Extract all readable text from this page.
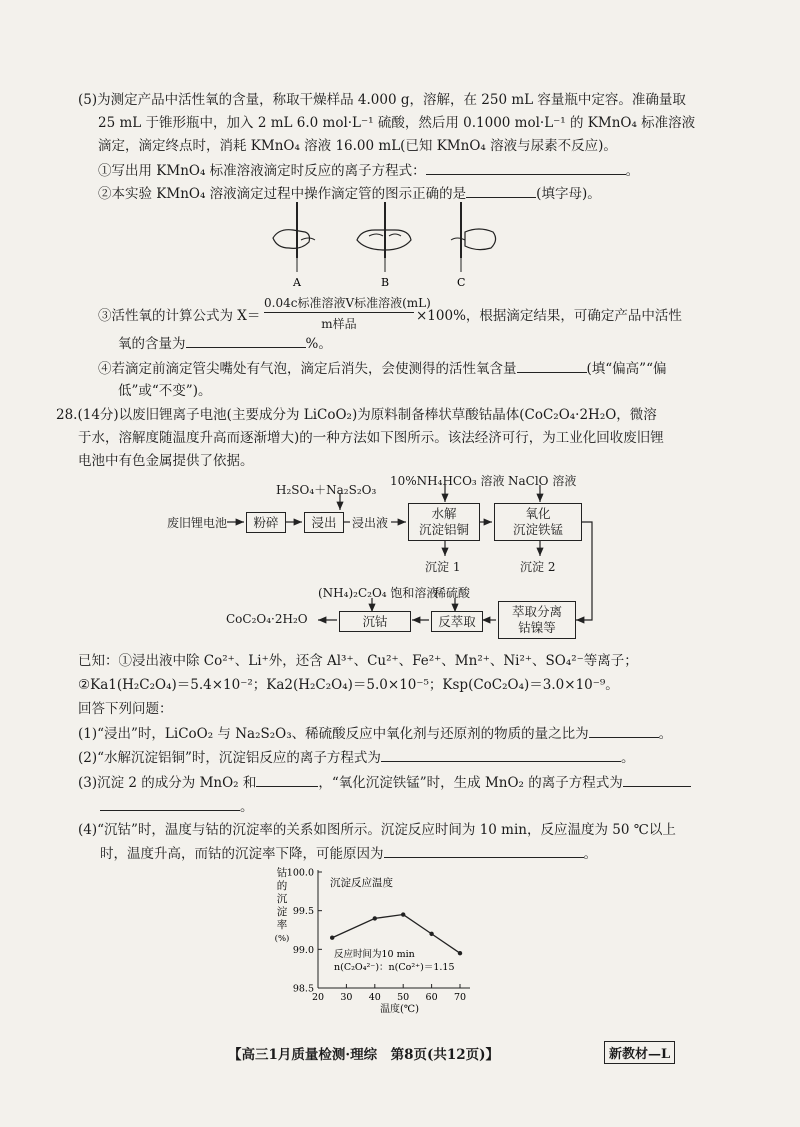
(5)为测定产品中活性氧的含量，称取干燥样品 4.000 g，溶解，在 250 mL 容量瓶中定容。准确量取
25 mL 于锥形瓶中，加入 2 mL 6.0 mol·L⁻¹ 硫酸，然后用 0.1000 mol·L⁻¹ 的 KMnO₄ 标准溶液
滴定，滴定终点时，消耗 KMnO₄ 溶液 16.00 mL(已知 KMnO₄ 溶液与尿素不反应)。
①写出用 KMnO₄ 标准溶液滴定时反应的离子方程式：	。
②本实验 KMnO₄ 溶液滴定过程中操作滴定管的图示正确的是	(填字母)。
A	B	C
③活性氧的计算公式为 X＝
0.04c标准溶液V标准溶液(mL)
m样品	×100%，根据滴定结果，可确定产品中活性
氧的含量为	%。
④若滴定前滴定管尖嘴处有气泡，滴定后消失，会使测得的活性氧含量	(填“偏高”“偏
低”或“不变”)。
28.(14分)以废旧锂离子电池(主要成分为 LiCoO₂)为原料制备棒状草酸钴晶体(CoC₂O₄·2H₂O，微溶
于水，溶解度随温度升高而逐渐增大)的一种方法如下图所示。该法经济可行，为工业化回收废旧锂
电池中有色金属提供了依据。
废旧锂电池 粉碎	浸出
H₂SO₄＋Na₂S₂O₃
浸出液
10%NH₄HCO₃ 溶液 NaClO 溶液
水解
沉淀铝铜
氧化
沉淀铁锰
沉淀 1	沉淀 2
萃取分离
钴镍等
(NH₄)₂C₂O₄ 饱和溶液
稀硫酸
反萃取
沉钴
CoC₂O₄·2H₂O
已知：①浸出液中除 Co²⁺、Li⁺外，还含 Al³⁺、Cu²⁺、Fe²⁺、Mn²⁺、Ni²⁺、SO₄²⁻等离子；
②Ka1(H₂C₂O₄)＝5.4×10⁻²；Ka2(H₂C₂O₄)＝5.0×10⁻⁵；Ksp(CoC₂O₄)＝3.0×10⁻⁹。
回答下列问题：
(1)“浸出”时，LiCoO₂ 与 Na₂S₂O₃、稀硫酸反应中氧化剂与还原剂的物质的量之比为	。
(2)“水解沉淀铝铜”时，沉淀铝反应的离子方程式为	。
(3)沉淀 2 的成分为 MnO₂ 和	，“氧化沉淀铁锰”时，生成 MnO₂ 的离子方程式为
。
(4)“沉钴”时，温度与钴的沉淀率的关系如图所示。沉淀反应时间为 10 min，反应温度为 50 ℃以上
时，温度升高，而钴的沉淀率下降，可能原因为	。
钴
的
沉
淀
率
(%)
沉淀反应温度
98.5
99.0
99.5
100.0
20 30 40 50 60 70
反应时间为10 min
n(C₂O₄²⁻)：n(Co²⁺)＝1.15
温度(℃)
【高三1月质量检测·理综　第8页(共12页)】	新教材—L
